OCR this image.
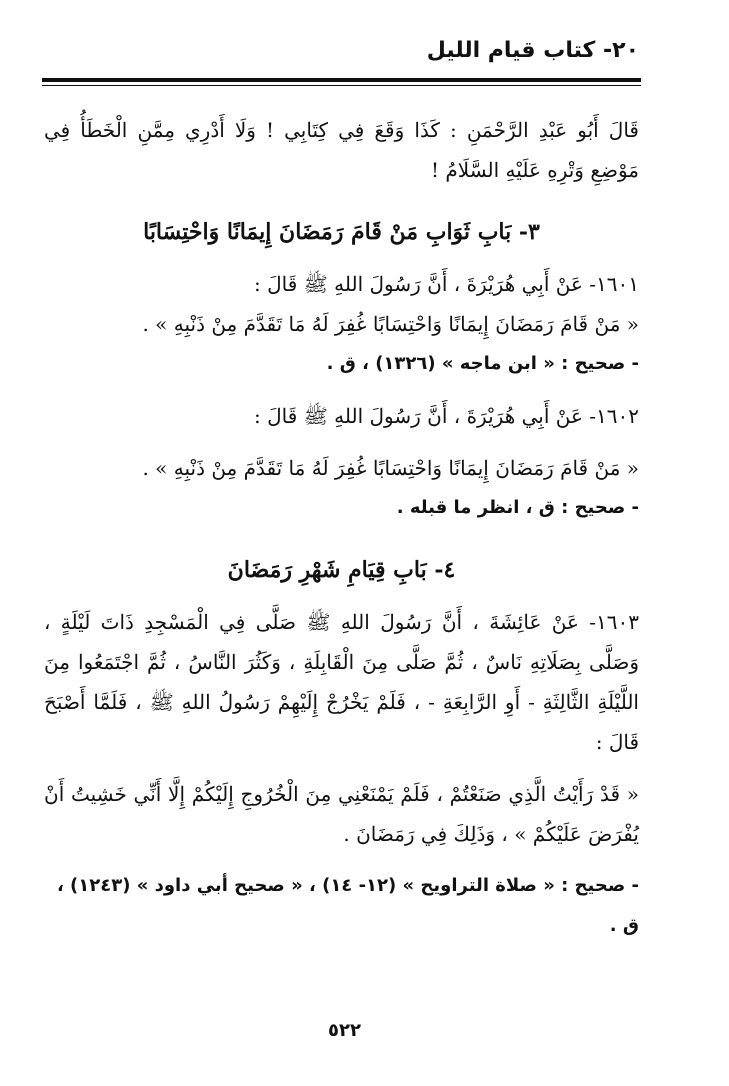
٢٠- كتاب قيام الليل

قَالَ أَبُو عَبْدِ الرَّحْمَنِ : كَذَا وَقَعَ فِي كِتَابِي ! وَلَا أَدْرِي مِمَّنِ الْخَطَأُ فِي مَوْضِعِ وَتْرِهِ عَلَيْهِ السَّلَامُ !

٣- بَابِ ثَوَابِ مَنْ قَامَ رَمَضَانَ إِيمَانًا وَاحْتِسَابًا

١٦٠١- عَنْ أَبِي هُرَيْرَةَ ، أَنَّ رَسُولَ اللهِ ﷺ قَالَ :

« مَنْ قَامَ رَمَضَانَ إِيمَانًا وَاحْتِسَابًا غُفِرَ لَهُ مَا تَقَدَّمَ مِنْ ذَنْبِهِ » .

- صحيح : « ابن ماجه » (١٣٢٦) ، ق .

١٦٠٢- عَنْ أَبِي هُرَيْرَةَ ، أَنَّ رَسُولَ اللهِ ﷺ قَالَ :

« مَنْ قَامَ رَمَضَانَ إِيمَانًا وَاحْتِسَابًا غُفِرَ لَهُ مَا تَقَدَّمَ مِنْ ذَنْبِهِ » .

- صحيح : ق ، انظر ما قبله .

٤- بَابِ قِيَامِ شَهْرِ رَمَضَانَ

١٦٠٣- عَنْ عَائِشَةَ ، أَنَّ رَسُولَ اللهِ ﷺ صَلَّى فِي الْمَسْجِدِ ذَاتَ لَيْلَةٍ ، وَصَلَّى بِصَلَاتِهِ نَاسٌ ، ثُمَّ صَلَّى مِنَ الْقَابِلَةِ ، وَكَثُرَ النَّاسُ ، ثُمَّ اجْتَمَعُوا مِنَ اللَّيْلَةِ الثَّالِثَةِ - أَوِ الرَّابِعَةِ - ، فَلَمْ يَخْرُجْ إِلَيْهِمْ رَسُولُ اللهِ ﷺ ، فَلَمَّا أَصْبَحَ قَالَ :

« قَدْ رَأَيْتُ الَّذِي صَنَعْتُمْ ، فَلَمْ يَمْنَعْنِي مِنَ الْخُرُوجِ إِلَيْكُمْ إِلَّا أَنِّي خَشِيتُ أَنْ يُفْرَضَ عَلَيْكُمْ » ، وَذَلِكَ فِي رَمَضَانَ .

- صحيح : « صلاة التراويح » (١٢- ١٤) ، « صحيح أبي داود » (١٢٤٣) ، ق .

٥٢٢
